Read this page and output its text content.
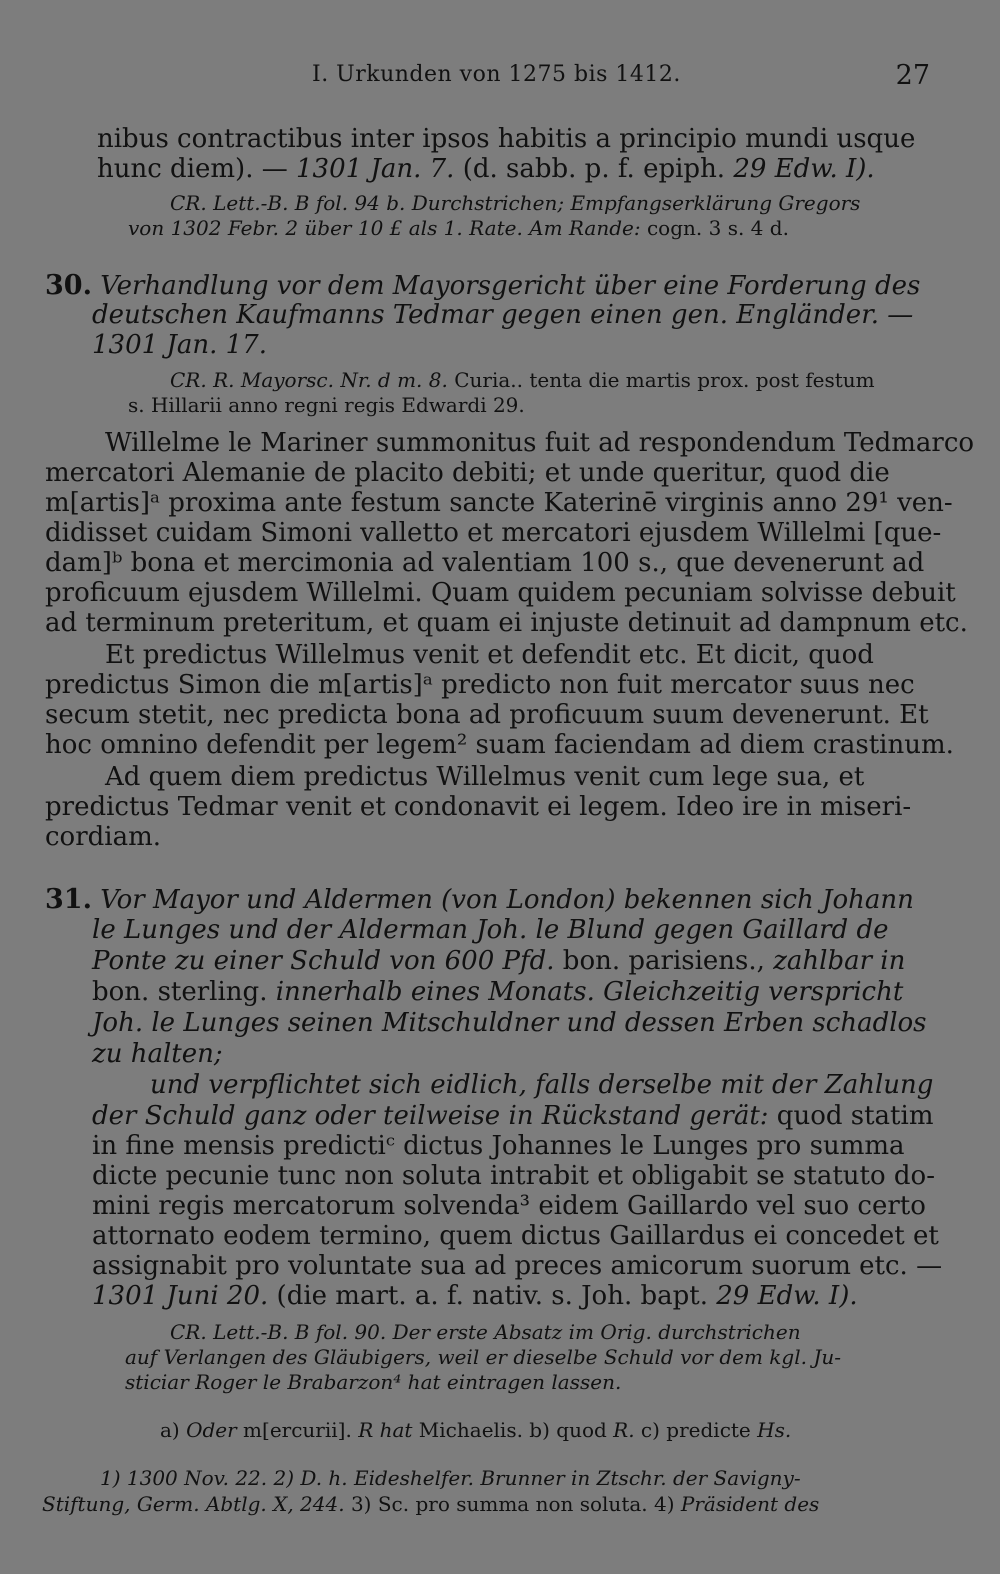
I. Urkunden von 1275 bis 1412.	27
nibus contractibus inter ipsos habitis a principio mundi usque
hunc diem). — 1301 Jan. 7. (d. sabb. p. f. epiph. 29 Edw. I).
CR. Lett.-B. B fol. 94 b. Durchstrichen; Empfangserklärung Gregors
von 1302 Febr. 2 über 10 £ als 1. Rate. Am Rande: cogn. 3 s. 4 d.
30. Verhandlung vor dem Mayorsgericht über eine Forderung des
deutschen Kaufmanns Tedmar gegen einen gen. Engländer. —
1301 Jan. 17.
CR. R. Mayorsc. Nr. d m. 8. Curia.. tenta die martis prox. post festum
s. Hillarii anno regni regis Edwardi 29.
Willelme le Mariner summonitus fuit ad respondendum Tedmarco
mercatori Alemanie de placito debiti; et unde queritur, quod die
m[artis]ᵃ proxima ante festum sancte Katerinē virginis anno 29¹ ven-
didisset cuidam Simoni valletto et mercatori ejusdem Willelmi [que-
dam]ᵇ bona et mercimonia ad valentiam 100 s., que devenerunt ad
proficuum ejusdem Willelmi. Quam quidem pecuniam solvisse debuit
ad terminum preteritum, et quam ei injuste detinuit ad dampnum etc.
Et predictus Willelmus venit et defendit etc. Et dicit, quod
predictus Simon die m[artis]ᵃ predicto non fuit mercator suus nec
secum stetit, nec predicta bona ad proficuum suum devenerunt. Et
hoc omnino defendit per legem² suam faciendam ad diem crastinum.
Ad quem diem predictus Willelmus venit cum lege sua, et
predictus Tedmar venit et condonavit ei legem. Ideo ire in miseri-
cordiam.
31. Vor Mayor und Aldermen (von London) bekennen sich Johann
le Lunges und der Alderman Joh. le Blund gegen Gaillard de
Ponte zu einer Schuld von 600 Pfd. bon. parisiens., zahlbar in
bon. sterling. innerhalb eines Monats. Gleichzeitig verspricht
Joh. le Lunges seinen Mitschuldner und dessen Erben schadlos
zu halten;
und verpflichtet sich eidlich, falls derselbe mit der Zahlung
der Schuld ganz oder teilweise in Rückstand gerät: quod statim
in fine mensis predictiᶜ dictus Johannes le Lunges pro summa
dicte pecunie tunc non soluta intrabit et obligabit se statuto do-
mini regis mercatorum solvenda³ eidem Gaillardo vel suo certo
attornato eodem termino, quem dictus Gaillardus ei concedet et
assignabit pro voluntate sua ad preces amicorum suorum etc. —
1301 Juni 20. (die mart. a. f. nativ. s. Joh. bapt. 29 Edw. I).
CR. Lett.-B. B fol. 90. Der erste Absatz im Orig. durchstrichen
auf Verlangen des Gläubigers, weil er dieselbe Schuld vor dem kgl. Ju-
sticiar Roger le Brabarzon⁴ hat eintragen lassen.
a) Oder m[ercurii]. R hat Michaelis. b) quod R. c) predicte Hs.
1) 1300 Nov. 22. 2) D. h. Eideshelfer. Brunner in Ztschr. der Savigny-
Stiftung, Germ. Abtlg. X, 244. 3) Sc. pro summa non soluta. 4) Präsident des
